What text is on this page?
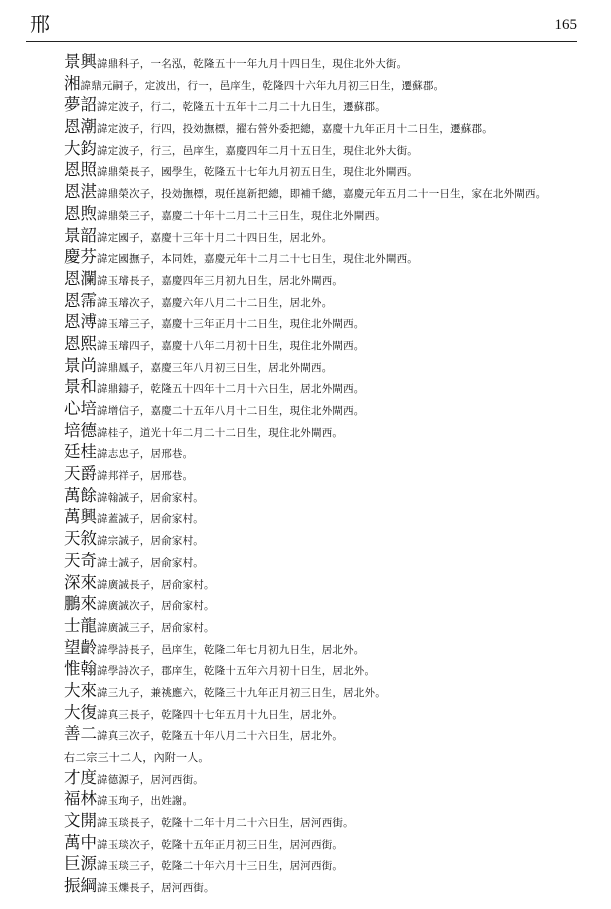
邢	165
景興諱鼎科子，一名泓，乾隆五十一年九月十四日生，現住北外大街。
湘諱鼎元嗣子，定波出，行一，邑庠生，乾隆四十六年九月初三日生，遷蘇郡。
夢詔諱定波子，行二，乾隆五十五年十二月二十九日生，遷蘇郡。
恩潮諱定波子，行四，投効撫標，擢右營外委把總，嘉慶十九年正月十二日生，遷蘇郡。
大鈞諱定波子，行三，邑庠生，嘉慶四年二月十五日生，現住北外大街。
恩照諱鼎榮長子，國學生，乾隆五十七年九月初五日生，現住北外閘西。
恩湛諱鼎榮次子，投効撫標，現任崑新把總，即補千總，嘉慶元年五月二十一日生，家在北外閘西。
恩煦諱鼎榮三子，嘉慶二十年十二月二十三日生，現住北外閘西。
景韶諱定國子，嘉慶十三年十月二十四日生，居北外。
慶芬諱定國撫子，本同姓，嘉慶元年十二月二十七日生，現住北外閘西。
恩瀾諱玉璿長子，嘉慶四年三月初九日生，居北外閘西。
恩霈諱玉璿次子，嘉慶六年八月二十二日生，居北外。
恩溥諱玉璿三子，嘉慶十三年正月十二日生，現住北外閘西。
恩熙諱玉璿四子，嘉慶十八年二月初十日生，現住北外閘西。
景尚諱鼎鳳子，嘉慶三年八月初三日生，居北外閘西。
景和諱鼎鑄子，乾隆五十四年十二月十六日生，居北外閘西。
心培諱增信子，嘉慶二十五年八月十二日生，現住北外閘西。
培德諱桂子，道光十年二月二十二日生，現住北外閘西。
廷桂諱志忠子，居邢巷。
天爵諱邦祥子，居邢巷。
萬餘諱翰誠子，居俞家村。
萬興諱蓋誠子，居俞家村。
天敘諱宗誠子，居俞家村。
天奇諱士誠子，居俞家村。
深來諱廣誠長子，居俞家村。
鵬來諱廣誠次子，居俞家村。
士龍諱廣誠三子，居俞家村。
望齡諱學詩長子，邑庠生，乾隆二年七月初九日生，居北外。
惟翰諱學詩次子，郡庠生，乾隆十五年六月初十日生，居北外。
大來諱三九子，兼祧應六，乾隆三十九年正月初三日生，居北外。
大復諱真三長子，乾隆四十七年五月十九日生，居北外。
善二諱真三次子，乾隆五十年八月二十六日生，居北外。
右二宗三十二人，內附一人。
才度諱德源子，居河西街。
福林諱玉珣子，出姓謝。
文開諱玉琰長子，乾隆十二年十月二十六日生，居河西街。
萬中諱玉琰次子，乾隆十五年正月初三日生，居河西街。
巨源諱玉琰三子，乾隆二十年六月十三日生，居河西街。
振綱諱玉爍長子，居河西街。
